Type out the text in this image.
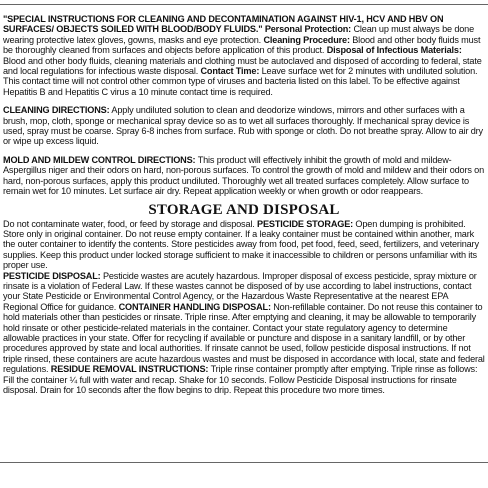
"SPECIAL INSTRUCTIONS FOR CLEANING AND DECONTAMINATION AGAINST HIV-1, HCV AND HBV ON SURFACES/ OBJECTS SOILED WITH BLOOD/BODY FLUIDS." Personal Protection: Clean up must always be done wearing protective latex gloves, gowns, masks and eye protection. Cleaning Procedure: Blood and other body fluids must be thoroughly cleaned from surfaces and objects before application of this product. Disposal of Infectious Materials: Blood and other body fluids, cleaning materials and clothing must be autoclaved and disposed of according to federal, state and local regulations for infectious waste disposal. Contact Time: Leave surface wet for 2 minutes with undiluted solution. This contact time will not control other common type of viruses and bacteria listed on this label. To be effective against Hepatitis B and Hepatitis C virus a 10 minute contact time is required.

CLEANING DIRECTIONS: Apply undiluted solution to clean and deodorize windows, mirrors and other surfaces with a brush, mop, cloth, sponge or mechanical spray device so as to wet all surfaces thoroughly. If mechanical spray device is used, spray must be coarse. Spray 6-8 inches from surface. Rub with sponge or cloth. Do not breathe spray. Allow to air dry or wipe up excess liquid.

MOLD AND MILDEW CONTROL DIRECTIONS: This product will effectively inhibit the growth of mold and mildew-Aspergillus niger and their odors on hard, non-porous surfaces. To control the growth of mold and mildew and their odors on hard, non-porous surfaces, apply this product undiluted. Thoroughly wet all treated surfaces completely. Allow surface to remain wet for 10 minutes. Let surface air dry. Repeat application weekly or when growth or odor reappears.

STORAGE AND DISPOSAL

Do not contaminate water, food, or feed by storage and disposal. PESTICIDE STORAGE: Open dumping is prohibited. Store only in original container. Do not reuse empty container. If a leaky container must be contained within another, mark the outer container to identify the contents. Store pesticides away from food, pet food, feed, seed, fertilizers, and veterinary supplies. Keep this product under locked storage sufficient to make it inaccessible to children or persons unfamiliar with its proper use.
PESTICIDE DISPOSAL: Pesticide wastes are acutely hazardous. Improper disposal of excess pesticide, spray mixture or rinsate is a violation of Federal Law. If these wastes cannot be disposed of by use according to label instructions, contact your State Pesticide or Environmental Control Agency, or the Hazardous Waste Representative at the nearest EPA Regional Office for guidance. CONTAINER HANDLING DISPOSAL: Non-refillable container. Do not reuse this container to hold materials other than pesticides or rinsate. Triple rinse. After emptying and cleaning, it may be allowable to temporarily hold rinsate or other pesticide-related materials in the container. Contact your state regulatory agency to determine allowable practices in your state. Offer for recycling if available or puncture and dispose in a sanitary landfill, or by other procedures approved by state and local authorities. If rinsate cannot be used, follow pesticide disposal instructions. If not triple rinsed, these containers are acute hazardous wastes and must be disposed in accordance with local, state and federal regulations. RESIDUE REMOVAL INSTRUCTIONS: Triple rinse container promptly after emptying. Triple rinse as follows: Fill the container ¼ full with water and recap. Shake for 10 seconds. Follow Pesticide Disposal instructions for rinsate disposal. Drain for 10 seconds after the flow begins to drip. Repeat this procedure two more times.
